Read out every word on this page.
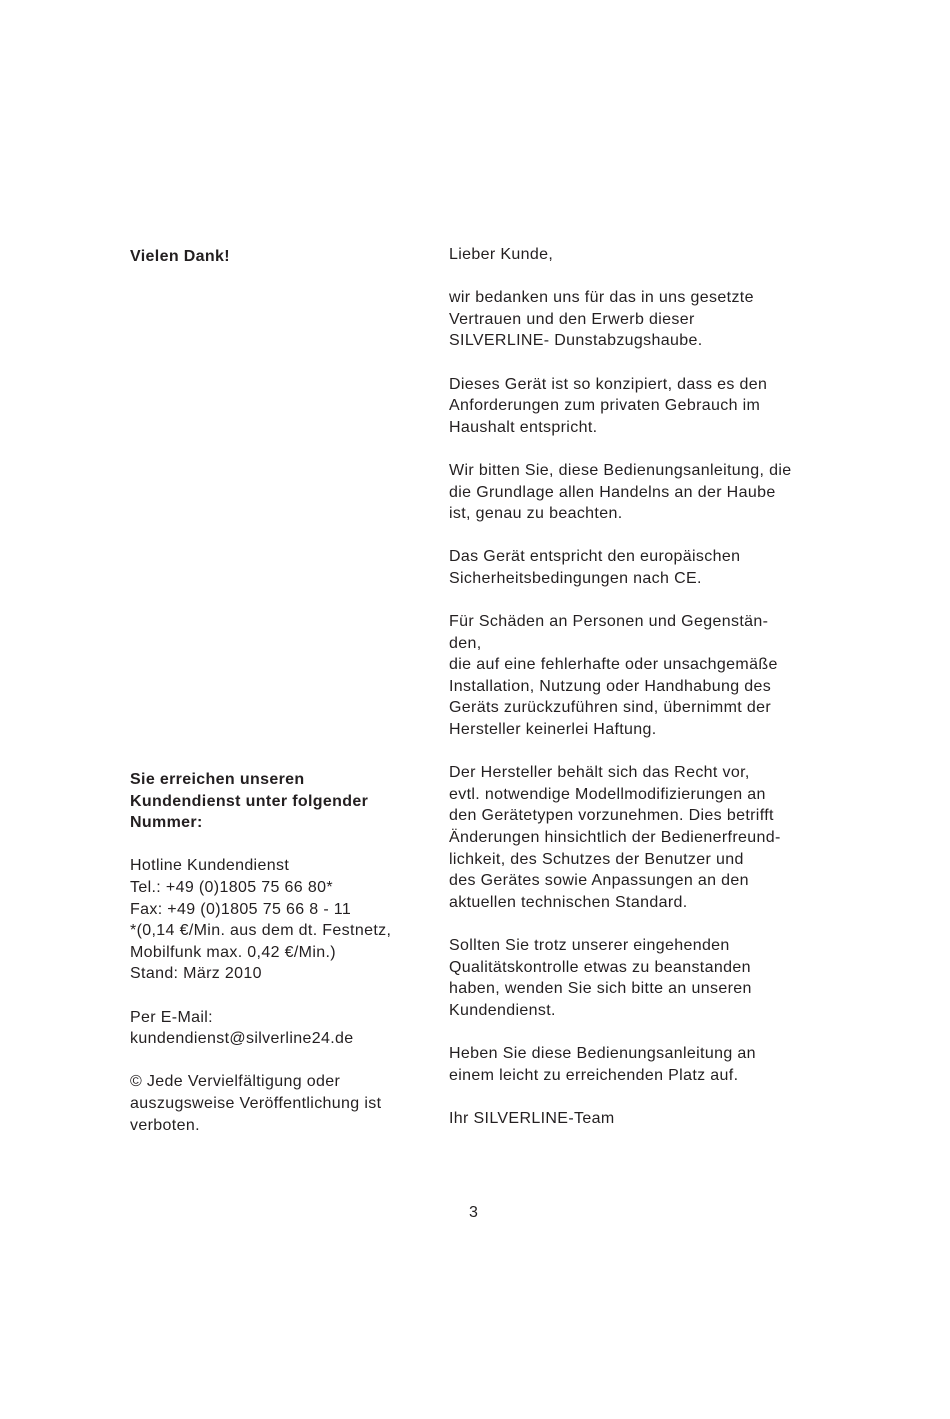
Vielen Dank!
Sie erreichen unseren
Kundendienst unter folgender
Nummer:
Hotline Kundendienst
Tel.: +49 (0)1805 75 66 80*
Fax: +49 (0)1805 75 66 8 - 11
*(0,14 €/Min. aus dem dt. Festnetz,
Mobilfunk max. 0,42 €/Min.)
Stand: März 2010
Per E-Mail:
kundendienst@silverline24.de
© Jede Vervielfältigung oder
auszugsweise Veröffentlichung ist
verboten.
Lieber Kunde,
wir bedanken uns für das in uns gesetzte
Vertrauen und den Erwerb dieser
SILVERLINE- Dunstabzugshaube.
Dieses Gerät ist so konzipiert, dass es den
Anforderungen zum privaten Gebrauch im
Haushalt entspricht.
Wir bitten Sie, diese Bedienungsanleitung, die
die Grundlage allen Handelns an der Haube
ist, genau zu beachten.
Das Gerät entspricht den europäischen
Sicherheitsbedingungen nach CE.
Für Schäden an Personen und Gegenstän-
den,
die auf eine fehlerhafte oder unsachgemäße
Installation, Nutzung oder Handhabung des
Geräts zurückzuführen sind, übernimmt der
Hersteller keinerlei Haftung.
Der Hersteller behält sich das Recht vor,
evtl. notwendige Modellmodifizierungen an
den Gerätetypen vorzunehmen. Dies betrifft
Änderungen hinsichtlich der Bedienerfreund-
lichkeit, des Schutzes der Benutzer und
des Gerätes sowie Anpassungen an den
aktuellen technischen Standard.
Sollten Sie trotz unserer eingehenden
Qualitätskontrolle etwas zu beanstanden
haben, wenden Sie sich bitte an unseren
Kundendienst.
Heben Sie diese Bedienungsanleitung an
einem leicht zu erreichenden Platz auf.
Ihr SILVERLINE-Team
3
